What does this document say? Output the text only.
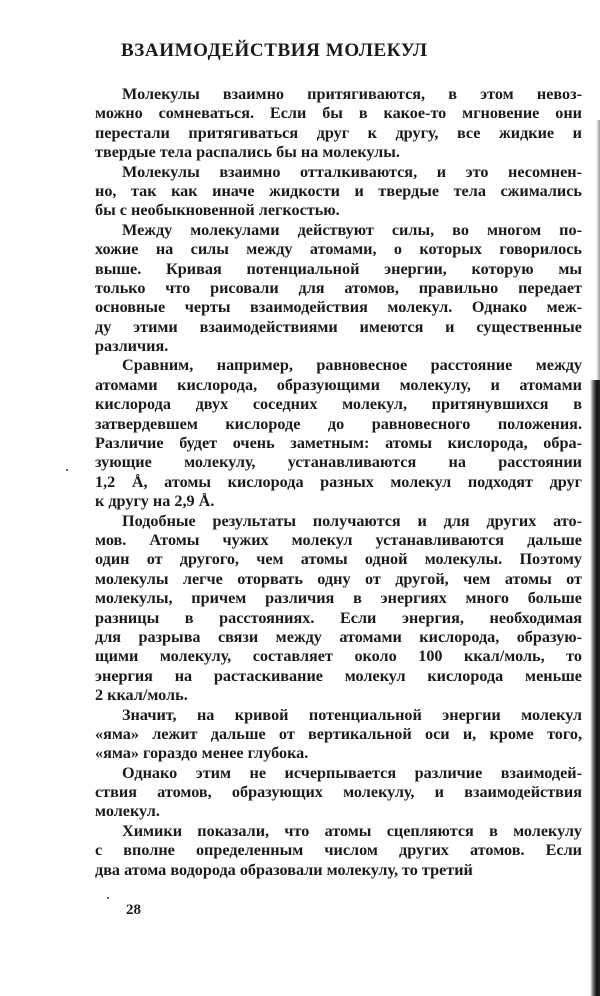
ВЗАИМОДЕЙСТВИЯ МОЛЕКУЛ
Молекулы взаимно притягиваются, в этом невоз-
можно сомневаться. Если бы в какое-то мгновение они
перестали притягиваться друг к другу, все жидкие и
твердые тела распались бы на молекулы.
Молекулы взаимно отталкиваются, и это несомнен-
но, так как иначе жидкости и твердые тела сжимались
бы с необыкновенной легкостью.
Между молекулами действуют силы, во многом по-
хожие на силы между атомами, о которых говорилось
выше. Кривая потенциальной энергии, которую мы
только что рисовали для атомов, правильно передает
основные черты взаимодействия молекул. Однако меж-
ду этими взаимодействиями имеются и существенные
различия.
Сравним, например, равновесное расстояние между
атомами кислорода, образующими молекулу, и атомами
кислорода двух соседних молекул, притянувшихся в
затвердевшем кислороде до равновесного положения.
Различие будет очень заметным: атомы кислорода, обра-
зующие молекулу, устанавливаются на расстоянии
1,2 Å, атомы кислорода разных молекул подходят друг
к другу на 2,9 Å.
Подобные результаты получаются и для других ато-
мов. Атомы чужих молекул устанавливаются дальше
один от другого, чем атомы одной молекулы. Поэтому
молекулы легче оторвать одну от другой, чем атомы от
молекулы, причем различия в энергиях много больше
разницы в расстояниях. Если энергия, необходимая
для разрыва связи между атомами кислорода, образую-
щими молекулу, составляет около 100 ккал/моль, то
энергия на растаскивание молекул кислорода меньше
2 ккал/моль.
Значит, на кривой потенциальной энергии молекул
«яма» лежит дальше от вертикальной оси и, кроме того,
«яма» гораздо менее глубока.
Однако этим не исчерпывается различие взаимодей-
ствия атомов, образующих молекулу, и взаимодействия
молекул.
Химики показали, что атомы сцепляются в молекулу
с вполне определенным числом других атомов. Если
два атома водорода образовали молекулу, то третий
28
